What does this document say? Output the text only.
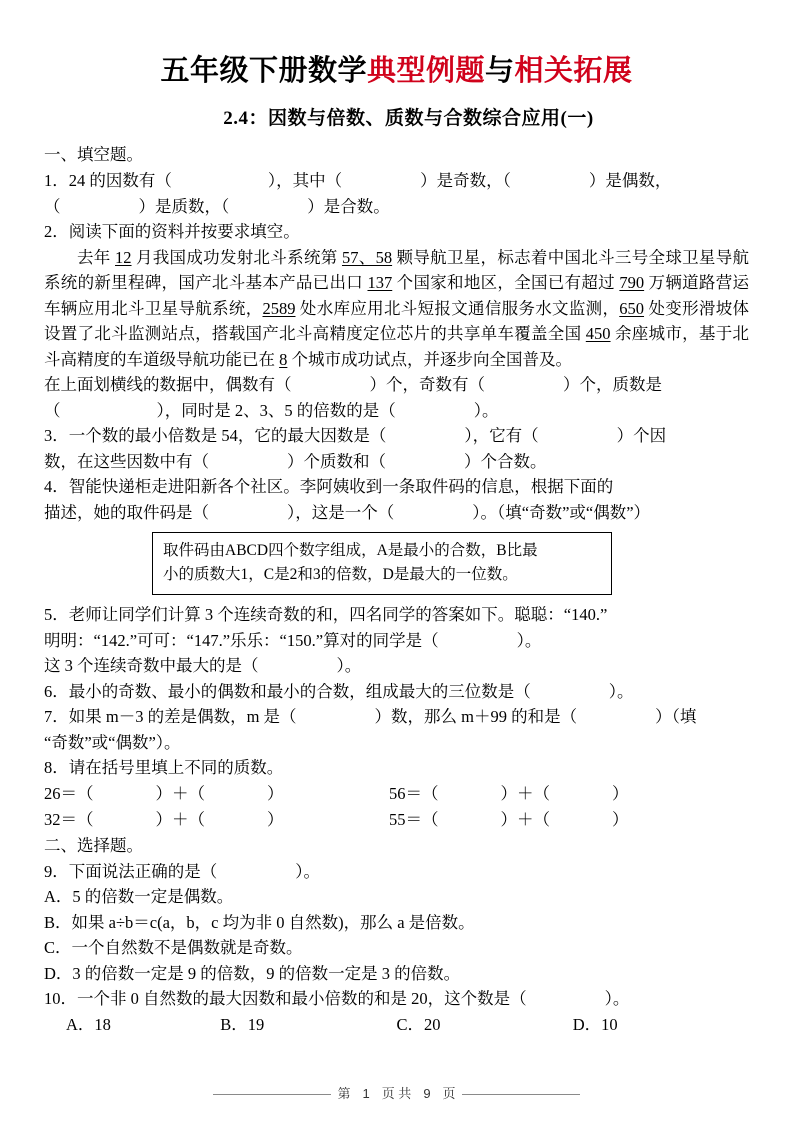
五年级下册数学典型例题与相关拓展
2.4：因数与倍数、质数与合数综合应用(一)

一、填空题。

1．24 的因数有（	），其中（	）是奇数，（	）是偶数，

（	）是质数，（	）是合数。

2．阅读下面的资料并按要求填空。

去年 12 月我国成功发射北斗系统第 57、58 颗导航卫星，标志着中国北斗三号全球卫星导航系统的新里程碑，国产北斗基本产品已出口 137 个国家和地区，全国已有超过 790 万辆道路营运车辆应用北斗卫星导航系统，2589 处水库应用北斗短报文通信服务水文监测，650 处变形滑坡体设置了北斗监测站点，搭载国产北斗高精度定位芯片的共享单车覆盖全国 450 余座城市，基于北斗高精度的车道级导航功能已在 8 个城市成功试点，并逐步向全国普及。

在上面划横线的数据中，偶数有（	）个，奇数有（	）个，质数是

（	），同时是 2、3、5 的倍数的是（	）。

3．一个数的最小倍数是 54，它的最大因数是（	），它有（	）个因

数，在这些因数中有（	）个质数和（	）个合数。

4．智能快递柜走进阳新各个社区。李阿姨收到一条取件码的信息，根据下面的

描述，她的取件码是（	），这是一个（	）。（填“奇数”或“偶数”）

取件码由ABCD四个数字组成，A是最小的合数，B比最
小的质数大1，C是2和3的倍数，D是最大的一位数。

5．老师让同学们计算 3 个连续奇数的和，四名同学的答案如下。聪聪：“140.”

明明：“142.”可可：“147.”乐乐：“150.”算对的同学是（	）。

这 3 个连续奇数中最大的是（	）。

6．最小的奇数、最小的偶数和最小的合数，组成最大的三位数是（	）。

7．如果 m－3 的差是偶数，m 是（	）数，那么 m＋99 的和是（	）（填

“奇数”或“偶数”）。

8．请在括号里填上不同的质数。

26＝（	）＋（	）	56＝（	）＋（	）
32＝（	）＋（	）	55＝（	）＋（	）

二、选择题。

9．下面说法正确的是（	）。

A．5 的倍数一定是偶数。

B．如果 a÷b＝c(a，b，c 均为非 0 自然数)，那么 a 是倍数。

C．一个自然数不是偶数就是奇数。

D．3 的倍数一定是 9 的倍数，9 的倍数一定是 3 的倍数。

10．一个非 0 自然数的最大因数和最小倍数的和是 20，这个数是（	）。

A．18	B．19	C．20	D．10
第 1 页 共 9 页
